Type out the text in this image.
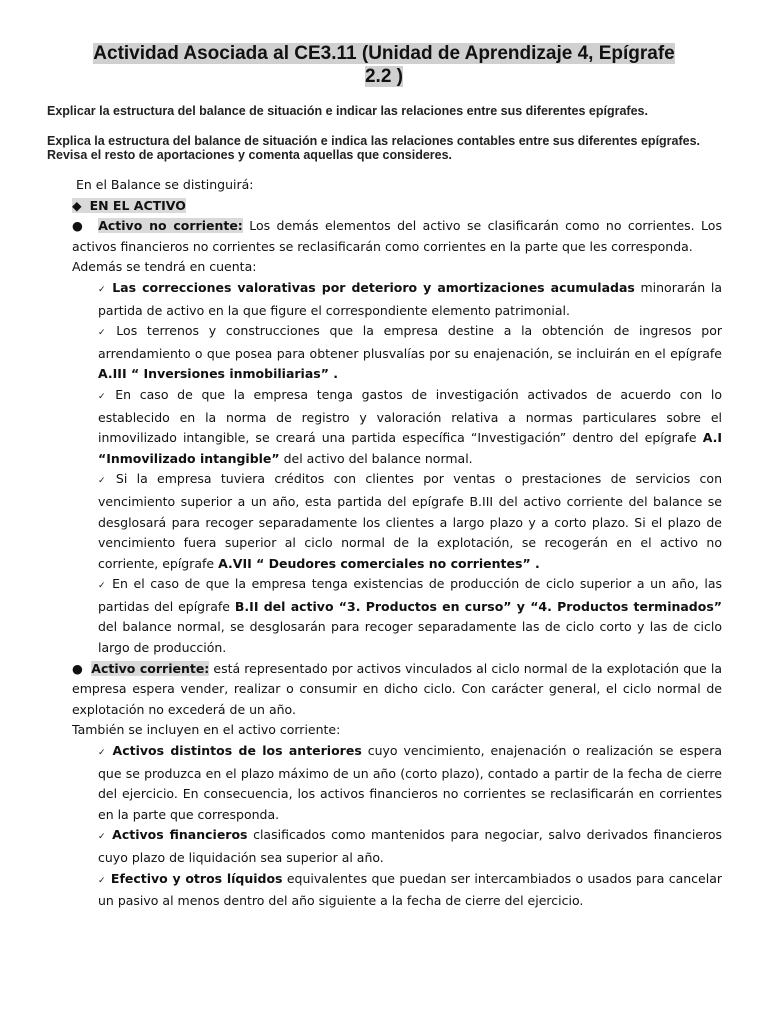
Actividad Asociada al CE3.11 (Unidad de Aprendizaje 4, Epígrafe
2.2 )
Explicar la estructura del balance de situación e indicar las relaciones entre sus diferentes epígrafes.
Explica la estructura del balance de situación e indica las relaciones contables entre sus diferentes epígrafes.
Revisa el resto de aportaciones y comenta aquellas que consideres.

En el Balance se distinguirá:

◆ EN EL ACTIVO

● Activo no corriente: Los demás elementos del activo se clasificarán como no corrientes. Los activos financieros no corrientes se reclasificarán como corrientes en la parte que les corresponda.

Además se tendrá en cuenta:

✓ Las correcciones valorativas por deterioro y amortizaciones acumuladas minorarán la partida de activo en la que figure el correspondiente elemento patrimonial.

✓ Los terrenos y construcciones que la empresa destine a la obtención de ingresos por arrendamiento o que posea para obtener plusvalías por su enajenación, se incluirán en el epígrafe A.III “ Inversiones inmobiliarias” .

✓ En caso de que la empresa tenga gastos de investigación activados de acuerdo con lo establecido en la norma de registro y valoración relativa a normas particulares sobre el inmovilizado intangible, se creará una partida específica “Investigación” dentro del epígrafe A.I “Inmovilizado intangible” del activo del balance normal.

✓ Si la empresa tuviera créditos con clientes por ventas o prestaciones de servicios con vencimiento superior a un año, esta partida del epígrafe B.III del activo corriente del balance se desglosará para recoger separadamente los clientes a largo plazo y a corto plazo. Si el plazo de vencimiento fuera superior al ciclo normal de la explotación, se recogerán en el activo no corriente, epígrafe A.VII “ Deudores comerciales no corrientes” .

✓ En el caso de que la empresa tenga existencias de producción de ciclo superior a un año, las partidas del epígrafe B.II del activo “3. Productos en curso” y “4. Productos terminados” del balance normal, se desglosarán para recoger separadamente las de ciclo corto y las de ciclo largo de producción.

● Activo corriente: está representado por activos vinculados al ciclo normal de la explotación que la empresa espera vender, realizar o consumir en dicho ciclo. Con carácter general, el ciclo normal de explotación no excederá de un año.

También se incluyen en el activo corriente:

✓ Activos distintos de los anteriores cuyo vencimiento, enajenación o realización se espera que se produzca en el plazo máximo de un año (corto plazo), contado a partir de la fecha de cierre del ejercicio. En consecuencia, los activos financieros no corrientes se reclasificarán en corrientes en la parte que corresponda.

✓ Activos financieros clasificados como mantenidos para negociar, salvo derivados financieros cuyo plazo de liquidación sea superior al año.

✓ Efectivo y otros líquidos equivalentes que puedan ser intercambiados o usados para cancelar un pasivo al menos dentro del año siguiente a la fecha de cierre del ejercicio.
